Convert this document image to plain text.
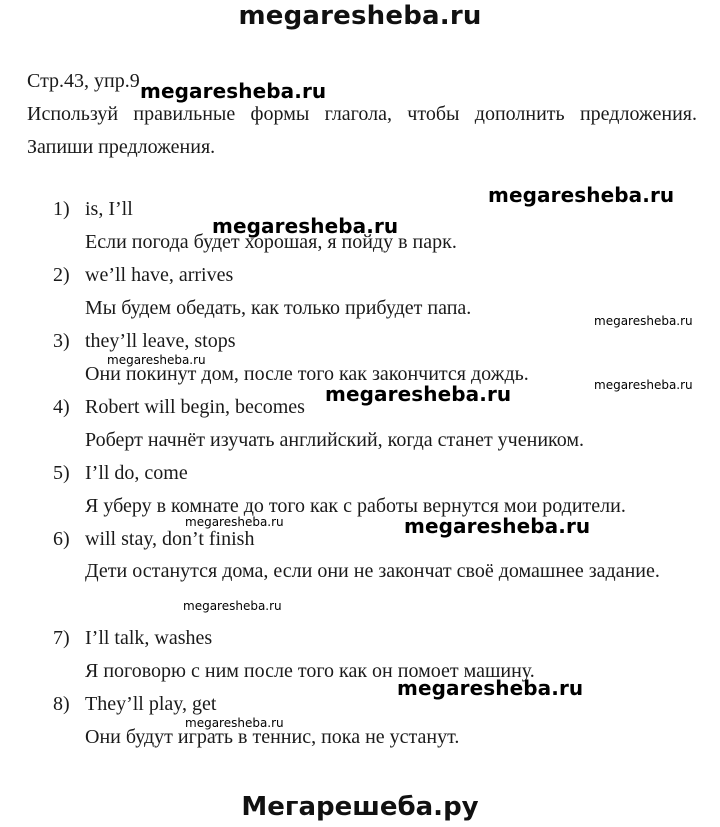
megaresheba.ru
Стр.43, упр.9
Используй правильные формы глагола, чтобы дополнить предложения. Запиши предложения.
1) is, I’ll
Если погода будет хорошая, я пойду в парк.
2) we’ll have, arrives
Мы будем обедать, как только прибудет папа.
3) they’ll leave, stops
Они покинут дом, после того как закончится дождь.
4) Robert will begin, becomes
Роберт начнёт изучать английский, когда станет учеником.
5) I’ll do, come
Я уберу в комнате до того как с работы вернутся мои родители.
6) will stay, don’t finish
Дети останутся дома, если они не закончат своё домашнее задание.
7) I’ll talk, washes
Я поговорю с ним после того как он помоет машину.
8) They’ll play, get
Они будут играть в теннис, пока не устанут.
megaresheba.ru
megaresheba.ru
megaresheba.ru
megaresheba.ru
megaresheba.ru
megaresheba.ru	megaresheba.ru
megaresheba.ru	megaresheba.ru
megaresheba.ru
megaresheba.ru
megaresheba.ru
Мегарешеба.ру
